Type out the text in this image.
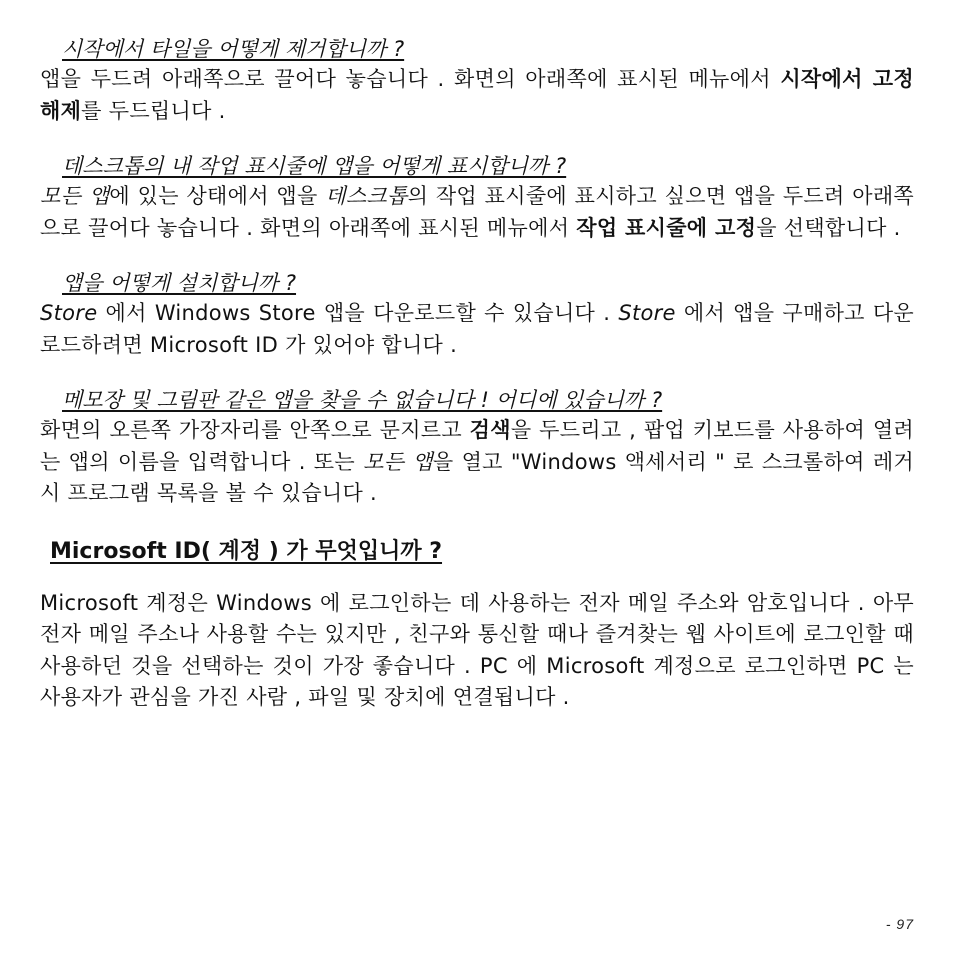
시작에서 타일을 어떻게 제거합니까 ?

앱을 두드려 아래쪽으로 끌어다 놓습니다 . 화면의 아래쪽에 표시된 메뉴에서 시작에서 고정 해제를 두드립니다 .

데스크톱의 내 작업 표시줄에 앱을 어떻게 표시합니까 ?

모든 앱에 있는 상태에서 앱을 데스크톱의 작업 표시줄에 표시하고 싶으면 앱을 두드려 아래쪽으로 끌어다 놓습니다 . 화면의 아래쪽에 표시된 메뉴에서 작업 표시줄에 고정을 선택합니다 .

앱을 어떻게 설치합니까 ?

Store 에서 Windows Store 앱을 다운로드할 수 있습니다 . Store 에서 앱을 구매하고 다운로드하려면 Microsoft ID 가 있어야 합니다 .

메모장 및 그림판 같은 앱을 찾을 수 없습니다 ! 어디에 있습니까 ?

화면의 오른쪽 가장자리를 안쪽으로 문지르고 검색을 두드리고 , 팝업 키보드를 사용하여 열려는 앱의 이름을 입력합니다 . 또는 모든 앱을 열고 "Windows 액세서리 " 로 스크롤하여 레거시 프로그램 목록을 볼 수 있습니다 .

Microsoft ID( 계정 ) 가 무엇입니까 ?

Microsoft 계정은 Windows 에 로그인하는 데 사용하는 전자 메일 주소와 암호입니다 . 아무 전자 메일 주소나 사용할 수는 있지만 , 친구와 통신할 때나 즐겨찾는 웹 사이트에 로그인할 때 사용하던 것을 선택하는 것이 가장 좋습니다 . PC 에 Microsoft 계정으로 로그인하면 PC 는 사용자가 관심을 가진 사람 , 파일 및 장치에 연결됩니다 .

- 97
